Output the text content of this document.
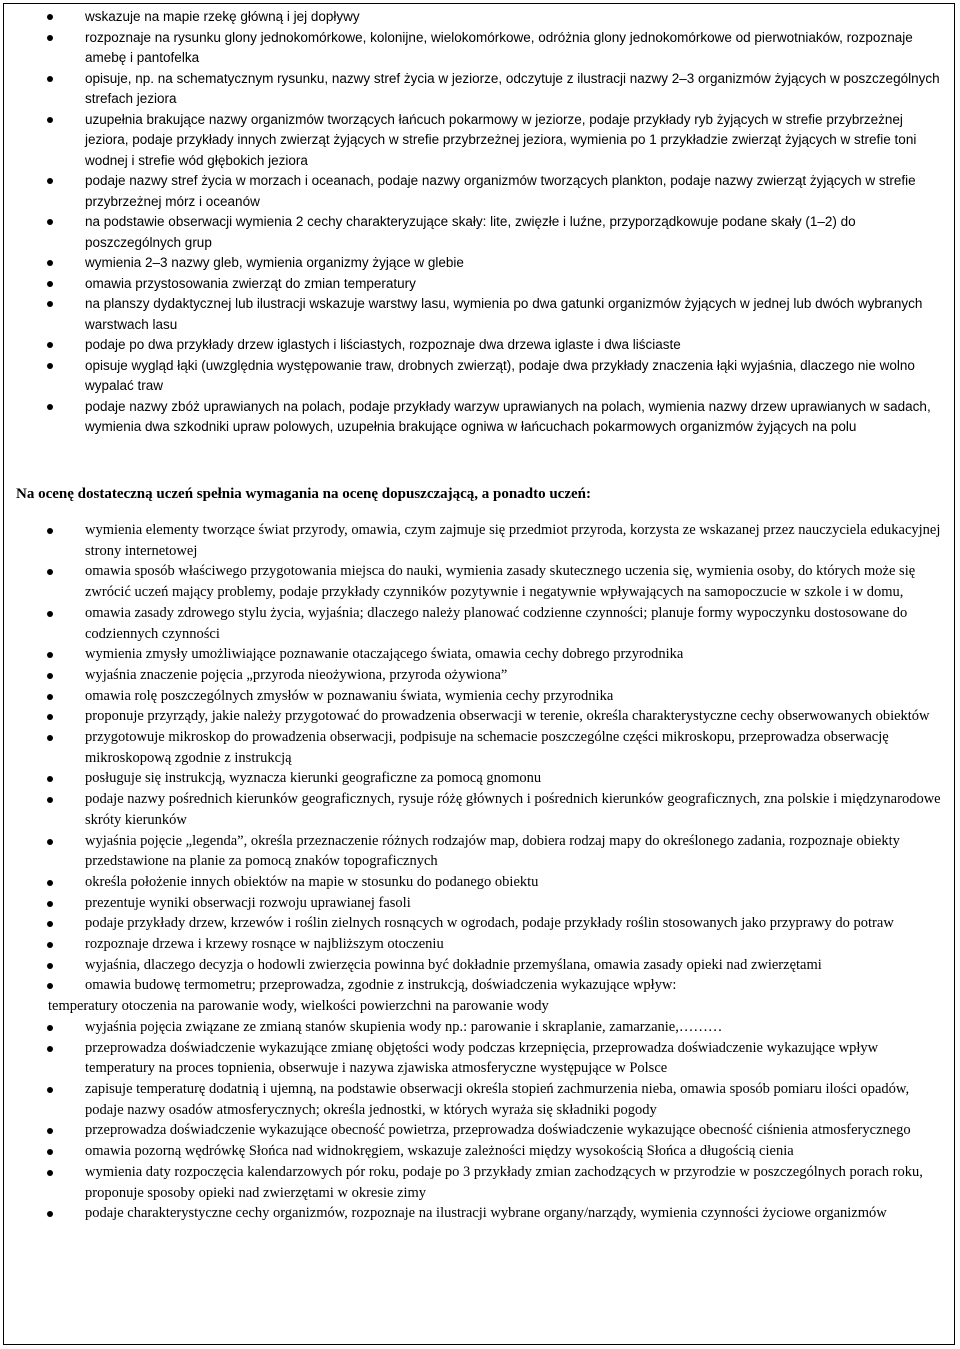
wskazuje na mapie rzekę główną i jej dopływy
rozpoznaje na rysunku glony jednokomórkowe, kolonijne, wielokomórkowe, odróżnia glony jednokomórkowe od pierwotniaków, rozpoznaje amebę i pantofelka
opisuje, np. na schematycznym rysunku, nazwy stref życia w jeziorze, odczytuje z ilustracji nazwy 2–3 organizmów żyjących w poszczególnych strefach jeziora
uzupełnia brakujące nazwy organizmów tworzących łańcuch pokarmowy w jeziorze, podaje przykłady ryb żyjących w strefie przybrzeżnej jeziora, podaje przykłady innych zwierząt żyjących w strefie przybrzeżnej jeziora, wymienia po 1 przykładzie zwierząt żyjących w strefie toni wodnej i strefie wód głębokich jeziora
podaje nazwy stref życia w morzach i oceanach, podaje nazwy organizmów tworzących plankton, podaje nazwy zwierząt żyjących w strefie przybrzeżnej mórz i oceanów
na podstawie obserwacji wymienia 2 cechy charakteryzujące skały: lite, zwięzłe i luźne, przyporządkowuje podane skały (1–2) do poszczególnych grup
wymienia 2–3 nazwy gleb, wymienia organizmy żyjące w glebie
omawia przystosowania zwierząt do zmian temperatury
na planszy dydaktycznej lub ilustracji wskazuje warstwy lasu, wymienia po dwa gatunki organizmów żyjących w jednej lub dwóch wybranych warstwach lasu
podaje po dwa przykłady drzew iglastych i liściastych, rozpoznaje dwa drzewa iglaste i dwa liściaste
opisuje wygląd łąki (uwzględnia występowanie traw, drobnych zwierząt), podaje dwa przykłady znaczenia łąki wyjaśnia, dlaczego nie wolno wypalać traw
podaje nazwy zbóż uprawianych na polach, podaje przykłady warzyw uprawianych na polach, wymienia nazwy drzew uprawianych w sadach, wymienia dwa szkodniki upraw polowych, uzupełnia brakujące ogniwa w łańcuchach pokarmowych organizmów żyjących na polu
Na ocenę dostateczną uczeń spełnia wymagania na ocenę dopuszczającą, a ponadto uczeń:
wymienia elementy tworzące świat przyrody, omawia, czym zajmuje się przedmiot przyroda, korzysta ze wskazanej przez nauczyciela edukacyjnej strony internetowej
omawia sposób właściwego przygotowania miejsca do nauki, wymienia zasady skutecznego uczenia się, wymienia osoby, do których może się zwrócić uczeń mający problemy, podaje przykłady czynników pozytywnie i negatywnie wpływających na samopoczucie w szkole i w domu,
omawia zasady zdrowego stylu życia, wyjaśnia; dlaczego należy planować codzienne czynności; planuje formy wypoczynku dostosowane do codziennych czynności
wymienia zmysły umożliwiające poznawanie otaczającego świata, omawia cechy dobrego przyrodnika
wyjaśnia znaczenie pojęcia „przyroda nieożywiona, przyroda ożywiona”
omawia rolę poszczególnych zmysłów w poznawaniu świata, wymienia cechy przyrodnika
proponuje przyrządy, jakie należy przygotować do prowadzenia obserwacji w terenie, określa charakterystyczne cechy obserwowanych obiektów
przygotowuje mikroskop do prowadzenia obserwacji, podpisuje na schemacie poszczególne części mikroskopu, przeprowadza obserwację mikroskopową zgodnie z instrukcją
posługuje się instrukcją, wyznacza kierunki geograficzne za pomocą gnomonu
podaje nazwy pośrednich kierunków geograficznych, rysuje różę głównych i pośrednich kierunków geograficznych, zna polskie i międzynarodowe skróty kierunków
wyjaśnia pojęcie „legenda”, określa przeznaczenie różnych rodzajów map, dobiera rodzaj mapy do określonego zadania, rozpoznaje obiekty przedstawione na planie za pomocą znaków topograficznych
określa położenie innych obiektów na mapie w stosunku do podanego obiektu
prezentuje wyniki obserwacji rozwoju uprawianej fasoli
podaje przykłady drzew, krzewów i roślin zielnych rosnących w ogrodach, podaje przykłady roślin stosowanych jako przyprawy do potraw
rozpoznaje drzewa i krzewy rosnące w najbliższym otoczeniu
wyjaśnia, dlaczego decyzja o hodowli zwierzęcia powinna być dokładnie przemyślana, omawia zasady opieki nad zwierzętami
omawia budowę termometru; przeprowadza, zgodnie z instrukcją, doświadczenia wykazujące wpływ:
temperatury otoczenia na parowanie wody, wielkości powierzchni na parowanie wody
wyjaśnia pojęcia związane ze zmianą stanów skupienia wody np.: parowanie i skraplanie, zamarzanie,………
przeprowadza doświadczenie wykazujące zmianę objętości wody podczas krzepnięcia, przeprowadza doświadczenie wykazujące wpływ temperatury na proces topnienia, obserwuje i nazywa zjawiska atmosferyczne występujące w Polsce
zapisuje temperaturę dodatnią i ujemną, na podstawie obserwacji określa stopień zachmurzenia nieba, omawia sposób pomiaru ilości opadów, podaje nazwy osadów atmosferycznych; określa jednostki, w których wyraża się składniki pogody
przeprowadza doświadczenie wykazujące obecność powietrza, przeprowadza doświadczenie wykazujące obecność ciśnienia atmosferycznego
omawia pozorną wędrówkę Słońca nad widnokręgiem, wskazuje zależności między wysokością Słońca a długością cienia
wymienia daty rozpoczęcia kalendarzowych pór roku, podaje po 3 przykłady zmian zachodzących w przyrodzie w poszczególnych porach roku, proponuje sposoby opieki nad zwierzętami w okresie zimy
podaje charakterystyczne cechy organizmów, rozpoznaje na ilustracji wybrane organy/narządy, wymienia czynności życiowe organizmów
